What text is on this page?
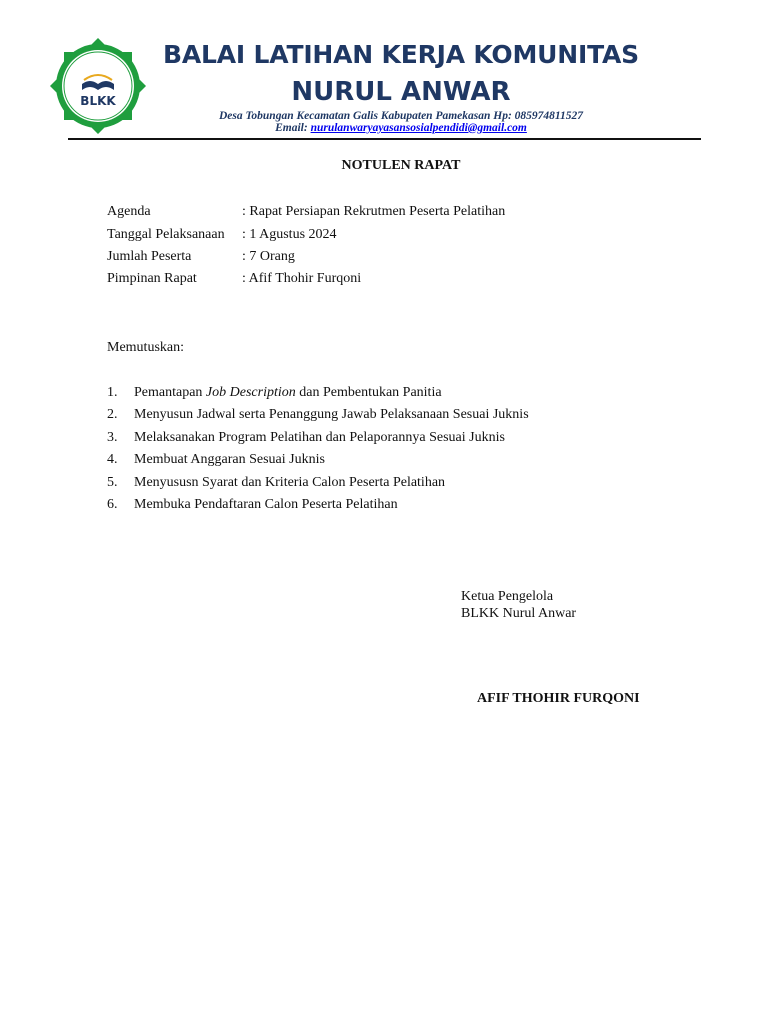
BLKK
BALAI LATIHAN KERJA KOMUNITAS
NURUL ANWAR
Desa Tobungan Kecamatan Galis Kabupaten Pamekasan Hp: 085974811527
Email: nurulanwaryayasansosialpendidi@gmail.com
NOTULEN RAPAT
Agenda	: Rapat Persiapan Rekrutmen Peserta Pelatihan
Tanggal Pelaksanaan : 1 Agustus 2024
Jumlah Peserta	: 7 Orang
Pimpinan Rapat	: Afif Thohir Furqoni
Memutuskan:
1. Pemantapan Job Description dan Pembentukan Panitia
2. Menyusun Jadwal serta Penanggung Jawab Pelaksanaan Sesuai Juknis
3. Melaksanakan Program Pelatihan dan Pelaporannya Sesuai Juknis
4. Membuat Anggaran Sesuai Juknis
5. Menyususn Syarat dan Kriteria Calon Peserta Pelatihan
6. Membuka Pendaftaran Calon Peserta Pelatihan
Ketua Pengelola
BLKK Nurul Anwar
AFIF THOHIR FURQONI
